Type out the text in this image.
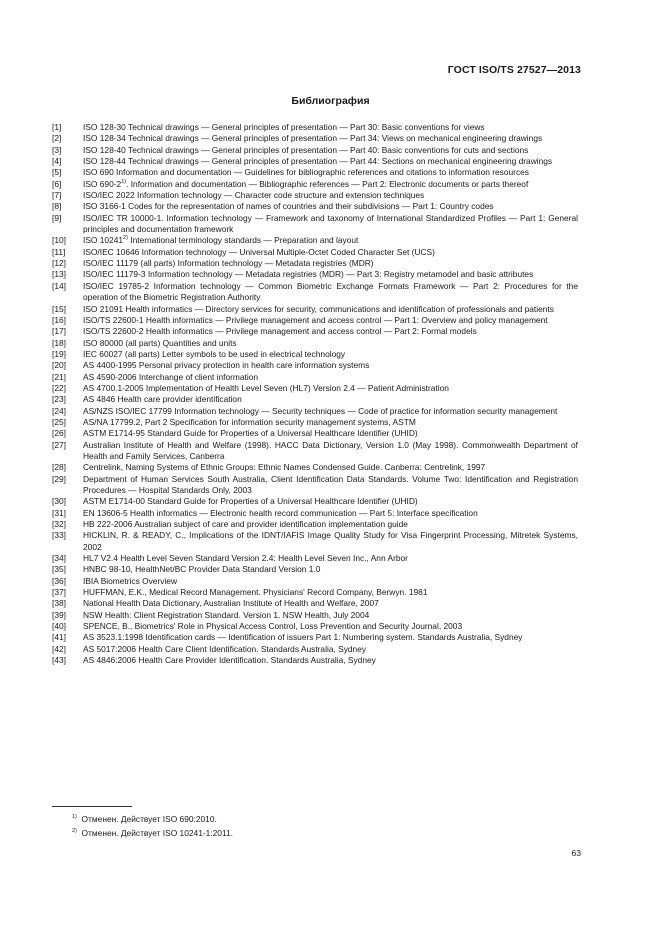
ГОСТ ISO/TS 27527—2013
Библиография
[1]	ISO 128-30 Technical drawings — General principles of presentation — Part 30: Basic conventions for views
[2]	ISO 128-34 Technical drawings — General principles of presentation — Part 34: Views on mechanical engineering drawings
[3]	ISO 128-40 Technical drawings — General principles of presentation — Part 40: Basic conventions for cuts and sections
[4]	ISO 128-44 Technical drawings — General principles of presentation — Part 44: Sections on mechanical engineering drawings
[5]	ISO 690 Information and documentation — Guidelines for bibliographic references and citations to information resources
[6]	ISO 690-2$^{1)}$. Information and documentation — Bibliographic references — Part 2: Electronic documents or parts thereof
[7]	ISO/IEC 2022 Information technology — Character code structure and extension techniques
[8]	ISO 3166-1 Codes for the representation of names of countries and their subdivisions — Part 1: Country codes
[9]	ISO/IEC TR 10000-1. Information technology — Framework and taxonomy of International Standardized Profiles — Part 1: General principles and documentation framework
[10]	ISO 10241$^{2)}$ International terminology standards — Preparation and layout
[11]	ISO/IEC 10646 Information technology — Universal Multiple-Octet Coded Character Set (UCS)
[12]	ISO/IEC 11179 (all parts) Information technology — Metadata registries (MDR)
[13]	ISO/IEC 11179-3 Information technology — Metadata registries (MDR) — Part 3: Registry metamodel and basic attributes
[14]	ISO/IEC 19785-2 Information technology — Common Biometric Exchange Formats Framework — Part 2: Procedures for the operation of the Biometric Registration Authority
[15]	ISO 21091 Health informatics — Directory services for security, communications and identification of professionals and patients
[16]	ISO/TS 22600-1 Health informatics — Privilege management and access control — Part 1: Overview and policy management
[17]	ISO/TS 22600-2 Health informatics — Privilege management and access control — Part 2: Formal models
[18]	ISO 80000 (all parts) Quantities and units
[19]	IEC 60027 (all parts) Letter symbols to be used in electrical technology
[20]	AS 4400-1995 Personal privacy protection in health care information systems
[21]	AS 4590-2006 Interchange of client information
[22]	AS 4700.1-2005 Implementation of Health Level Seven (HL7) Version 2.4 — Patient Administration
[23]	AS 4846 Health care provider identification
[24]	AS/NZS ISO/IEC 17799 Information technology — Security techniques — Code of practice for information security management
[25]	AS/NA 17799.2, Part 2 Specification for information security management systems, ASTM
[26]	ASTM E1714-95 Standard Guide for Properties of a Universal Healthcare Identifier (UHID)
[27]	Australian Institute of Health and Welfare (1998). HACC Data Dictionary, Version 1.0 (May 1998). Commonwealth Department of Health and Family Services, Canberra
[28]	Centrelink, Naming Systems of Ethnic Groups: Ethnic Names Condensed Guide. Canberra: Centrelink, 1997
[29]	Department of Human Services South Australia, Client Identification Data Standards. Volume Two: Identification and Registration Procedures — Hospital Standards Only, 2003
[30]	ASTM E1714-00 Standard Guide for Properties of a Universal Healthcare Identifier (UHID)
[31]	EN 13606-5 Health informatics — Electronic health record communication — Part 5: Interface specification
[32]	HB 222-2006 Australian subject of care and provider identification implementation guide
[33]	HICKLIN, R. & READY, C., Implications of the IDNT/IAFIS Image Quality Study for Visa Fingerprint Processing, Mitretek Systems, 2002
[34]	HL7 V2.4 Health Level Seven Standard Version 2.4: Health Level Seven Inc., Ann Arbor
[35]	HNBC 98-10, HealthNet/BC Provider Data Standard Version 1.0
[36]	IBIA Biometrics Overview
[37]	HUFFMAN, E.K., Medical Record Management. Physicians' Record Company, Berwyn. 1981
[38]	National Health Data Dictionary, Australian Institute of Health and Welfare, 2007
[39]	NSW Health: Client Registration Standard. Version 1. NSW Health, July 2004
[40]	SPENCE, B., Biometrics' Role in Physical Access Control, Loss Prevention and Security Journal, 2003
[41]	AS 3523.1:1998 Identification cards — Identification of issuers Part 1: Numbering system. Standards Australia, Sydney
[42]	AS 5017:2006 Health Care Client Identification. Standards Australia, Sydney
[43]	AS 4846:2006 Health Care Provider Identification. Standards Australia, Sydney
$^{1)}$ Отменен. Действует ISO 690:2010.
$^{2)}$ Отменен. Действует ISO 10241-1:2011.
63
